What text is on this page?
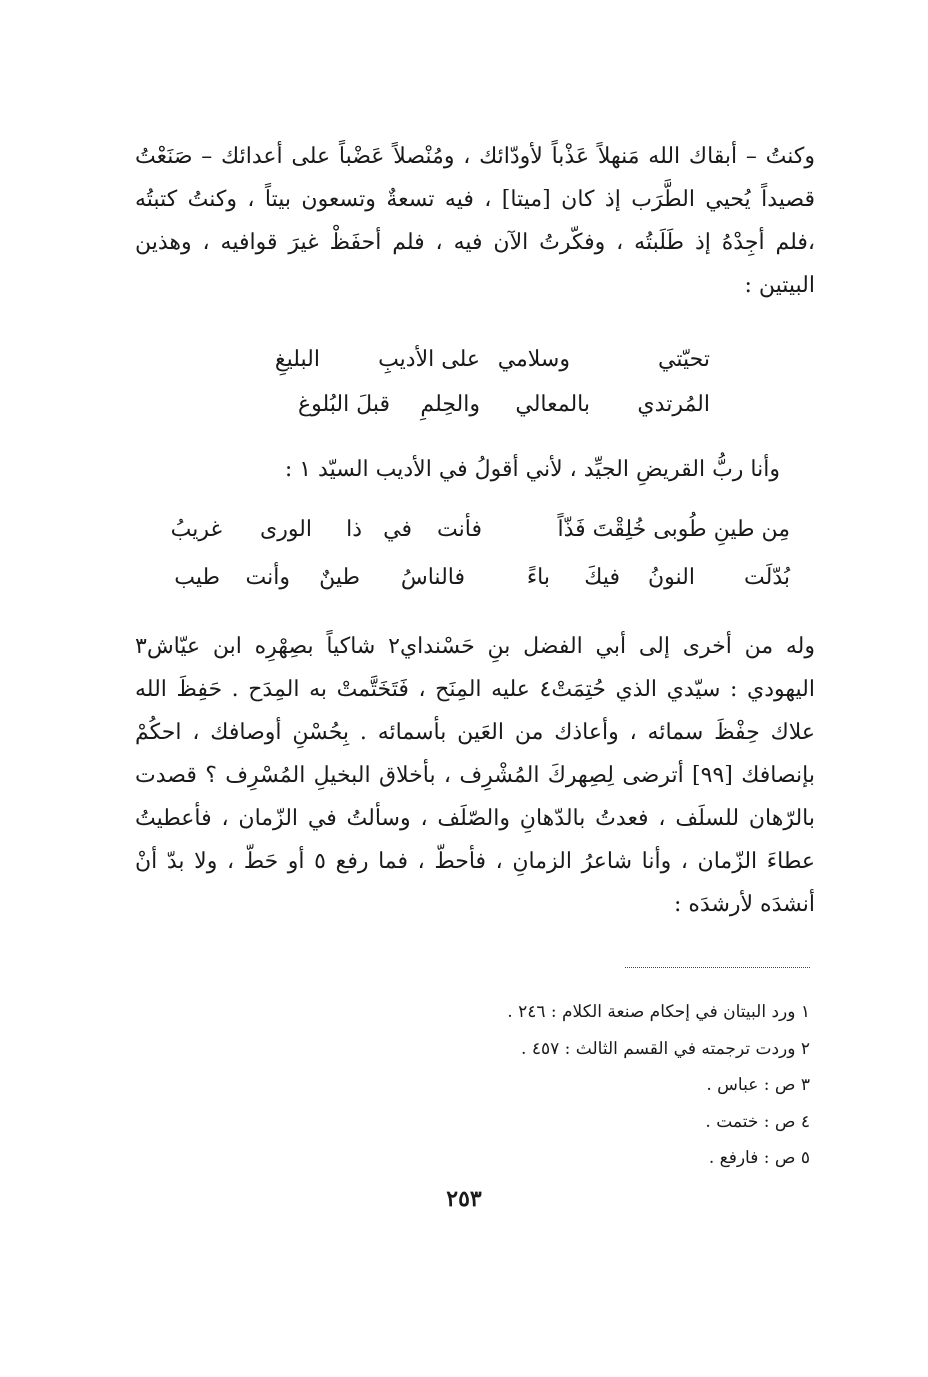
وكنتُ – أبقاك الله مَنهلاً عَذْباً لأودّائك ، ومُنْصلاً عَضْباً على أعدائك – صَنَعْتُ قصيداً يُحيي الطَّرَب إذ كان [ميتا] ، فيه تسعةٌ وتسعون بيتاً ، وكنتُ كتبتُه ،فلم أجِدْهُ إذ طَلَبتُه ، وفكّرتُ الآن فيه ، فلم أحفَظْ غيرَ قوافيه ، وهذين البيتين :

تحيّتي
وسلامي
على الأديبِ
البليغِ
المُرتدي
بالمعالي
والحِلمِ
قبلَ البُلوغ
وأنا ربُّ القريضِ الجيِّد ، لأني أقولُ في الأديب السيّد ١ :
مِن طينِ طُوبى خُلِقْتَ فَذّاً
فأنت
في
ذا
الورى
غريبُ
بُدّلَت
النونُ
فيكَ
باءً
فالناسُ
طينٌ
وأنت
طيب

وله من أخرى إلى أبي الفضل بنِ حَسْنداي٢ شاكياً بصِهْرِه ابن عيّاش٣ اليهودي : سيّدي الذي حُتِمَتْ٤ عليه المِنَح ، فَتَخَتَّمتْ به المِدَح . حَفِظَ الله علاك حِفْظَ سمائه ، وأعاذك من العَين بأسمائه . بِحُسْنِ أوصافك ، احكُمْ بإنصافك [٩٩] أترضى لِصِهركَ المُشْرِف ، بأخلاق البخيلِ المُسْرِف ؟ قصدت بالرّهان للسلَف ، فعدتُ بالدّهانِ والصّلَف ، وسألتُ في الزّمان ، فأعطيتُ عطاءَ الزّمان ، وأنا شاعرُ الزمانِ ، فأحطّ ، فما رفع ٥ أو حَطّ ، ولا بدّ أنْ أنشدَه لأرشدَه :

١ ورد البيتان في إحكام صنعة الكلام : ٢٤٦ .
٢ وردت ترجمته في القسم الثالث : ٤٥٧ .
٣ ص : عباس .
٤ ص : ختمت .
٥ ص : فارفع .
٢٥٣
